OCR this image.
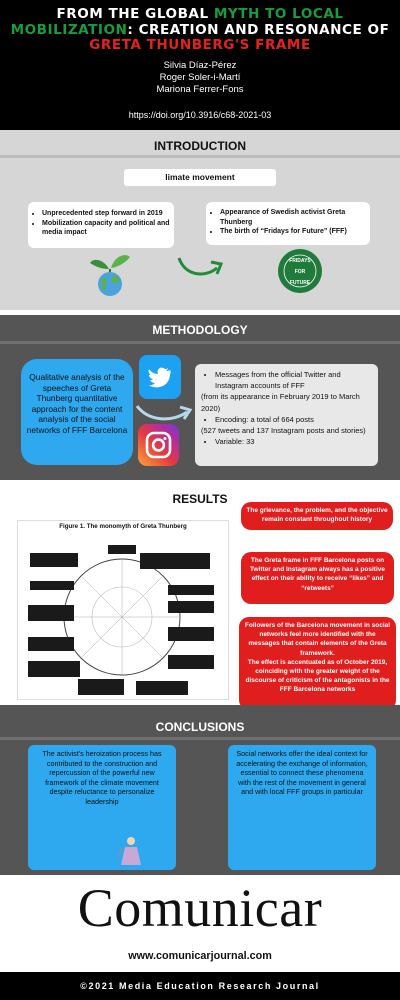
FROM THE GLOBAL MYTH TO LOCAL MOBILIZATION: CREATION AND RESONANCE OF GRETA THUNBERG'S FRAME
Silvia Díaz-Pérez
Roger Soler-i-Martí
Mariona Ferrer-Fons
https://doi.org/10.3916/c68-2021-03
INTRODUCTION
limate movement
• Unprecedented step forward in 2019
• Mobilization capacity and political and media impact
• Appearance of Swedish activist Greta Thunberg
• The birth of “Fridays for Future” (FFF)
FRIDAYS
FOR
FUTURE
METHODOLOGY
Qualitative analysis of the speeches of Greta Thunberg quantitative approach for the content analysis of the social networks of FFF Barcelona
• Messages from the official Twitter and Instagram accounts of FFF

(from its appearance in February 2019 to March 2020)

• Encoding: a total of 664 posts

(527 tweets and 137 Instagram posts and stories)

• Variable: 33
RESULTS
Figure 1. The monomyth of Greta Thunberg
The grievance, the problem, and the objective remain constant throughout history
The Greta frame in FFF Barcelona posts on Twitter and Instagram always has a positive effect on their ability to receive “likes” and “retweets”
Followers of the Barcelona movement in social networks feel more identified with the messages that contain elements of the Greta framework.
The effect is accentuated as of October 2019, coinciding with the greater weight of the discourse of criticism of the antagonists in the FFF Barcelona networks
CONCLUSIONS
The activist's heroization process has contributed to the construction and repercussion of the powerful new framework of the climate movement despite reluctance to personalize leadership
Social networks offer the ideal context for accelerating the exchange of information, essential to connect these phenomena with the rest of the movement in general and with local FFF groups in particular
Comunicar
www.comunicarjournal.com
©2021 Media Education Research Journal
